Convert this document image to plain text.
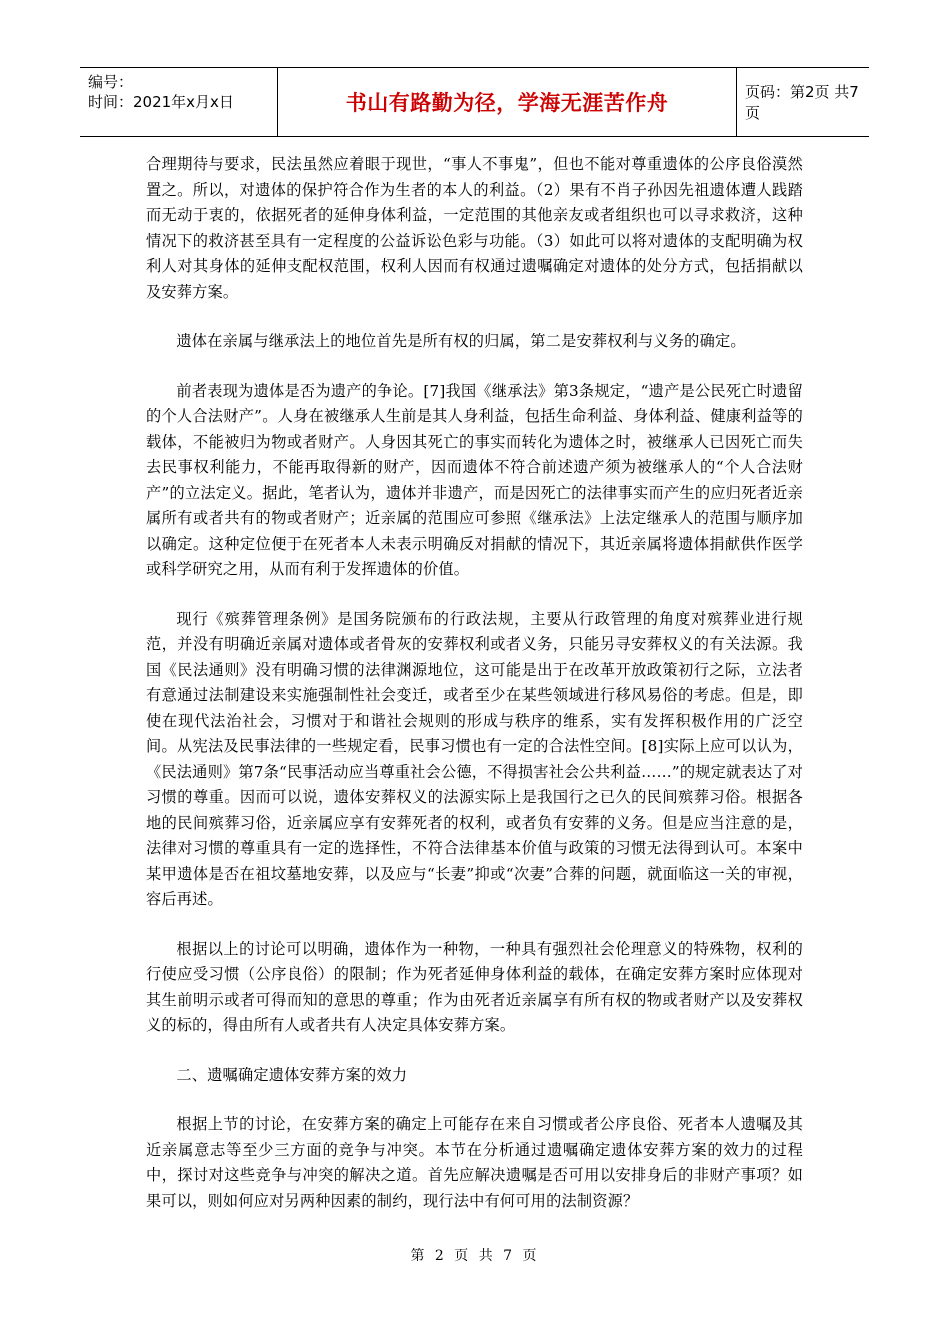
编号：
时间：2021年x月x日	书山有路勤为径，学海无涯苦作舟	页码：第2页 共7页

合理期待与要求，民法虽然应着眼于现世，“事人不事鬼”，但也不能对尊重遗体的公序良俗漠然置之。所以，对遗体的保护符合作为生者的本人的利益。（2）果有不肖子孙因先祖遗体遭人践踏而无动于衷的，依据死者的延伸身体利益，一定范围的其他亲友或者组织也可以寻求救济，这种情况下的救济甚至具有一定程度的公益诉讼色彩与功能。（3）如此可以将对遗体的支配明确为权利人对其身体的延伸支配权范围，权利人因而有权通过遗嘱确定对遗体的处分方式，包括捐献以及安葬方案。

遗体在亲属与继承法上的地位首先是所有权的归属，第二是安葬权利与义务的确定。

前者表现为遗体是否为遗产的争论。[7]我国《继承法》第3条规定，“遗产是公民死亡时遗留的个人合法财产”。人身在被继承人生前是其人身利益，包括生命利益、身体利益、健康利益等的载体，不能被归为物或者财产。人身因其死亡的事实而转化为遗体之时，被继承人已因死亡而失去民事权利能力，不能再取得新的财产，因而遗体不符合前述遗产须为被继承人的“个人合法财产”的立法定义。据此，笔者认为，遗体并非遗产，而是因死亡的法律事实而产生的应归死者近亲属所有或者共有的物或者财产；近亲属的范围应可参照《继承法》上法定继承人的范围与顺序加以确定。这种定位便于在死者本人未表示明确反对捐献的情况下，其近亲属将遗体捐献供作医学或科学研究之用，从而有利于发挥遗体的价值。

现行《殡葬管理条例》是国务院颁布的行政法规，主要从行政管理的角度对殡葬业进行规范，并没有明确近亲属对遗体或者骨灰的安葬权利或者义务，只能另寻安葬权义的有关法源。我国《民法通则》没有明确习惯的法律渊源地位，这可能是出于在改革开放政策初行之际，立法者有意通过法制建设来实施强制性社会变迁，或者至少在某些领域进行移风易俗的考虑。但是，即使在现代法治社会，习惯对于和谐社会规则的形成与秩序的维系，实有发挥积极作用的广泛空间。从宪法及民事法律的一些规定看，民事习惯也有一定的合法性空间。[8]实际上应可以认为，《民法通则》第7条“民事活动应当尊重社会公德，不得损害社会公共利益……”的规定就表达了对习惯的尊重。因而可以说，遗体安葬权义的法源实际上是我国行之已久的民间殡葬习俗。根据各地的民间殡葬习俗，近亲属应享有安葬死者的权利，或者负有安葬的义务。但是应当注意的是，法律对习惯的尊重具有一定的选择性，不符合法律基本价值与政策的习惯无法得到认可。本案中某甲遗体是否在祖坟墓地安葬，以及应与“长妻”抑或“次妻”合葬的问题，就面临这一关的审视，容后再述。

根据以上的讨论可以明确，遗体作为一种物，一种具有强烈社会伦理意义的特殊物，权利的行使应受习惯（公序良俗）的限制；作为死者延伸身体利益的载体，在确定安葬方案时应体现对其生前明示或者可得而知的意思的尊重；作为由死者近亲属享有所有权的物或者财产以及安葬权义的标的，得由所有人或者共有人决定具体安葬方案。

二、遗嘱确定遗体安葬方案的效力

根据上节的讨论，在安葬方案的确定上可能存在来自习惯或者公序良俗、死者本人遗嘱及其近亲属意志等至少三方面的竞争与冲突。本节在分析通过遗嘱确定遗体安葬方案的效力的过程中，探讨对这些竞争与冲突的解决之道。首先应解决遗嘱是否可用以安排身后的非财产事项？如果可以，则如何应对另两种因素的制约，现行法中有何可用的法制资源？

第 2 页 共 7 页
